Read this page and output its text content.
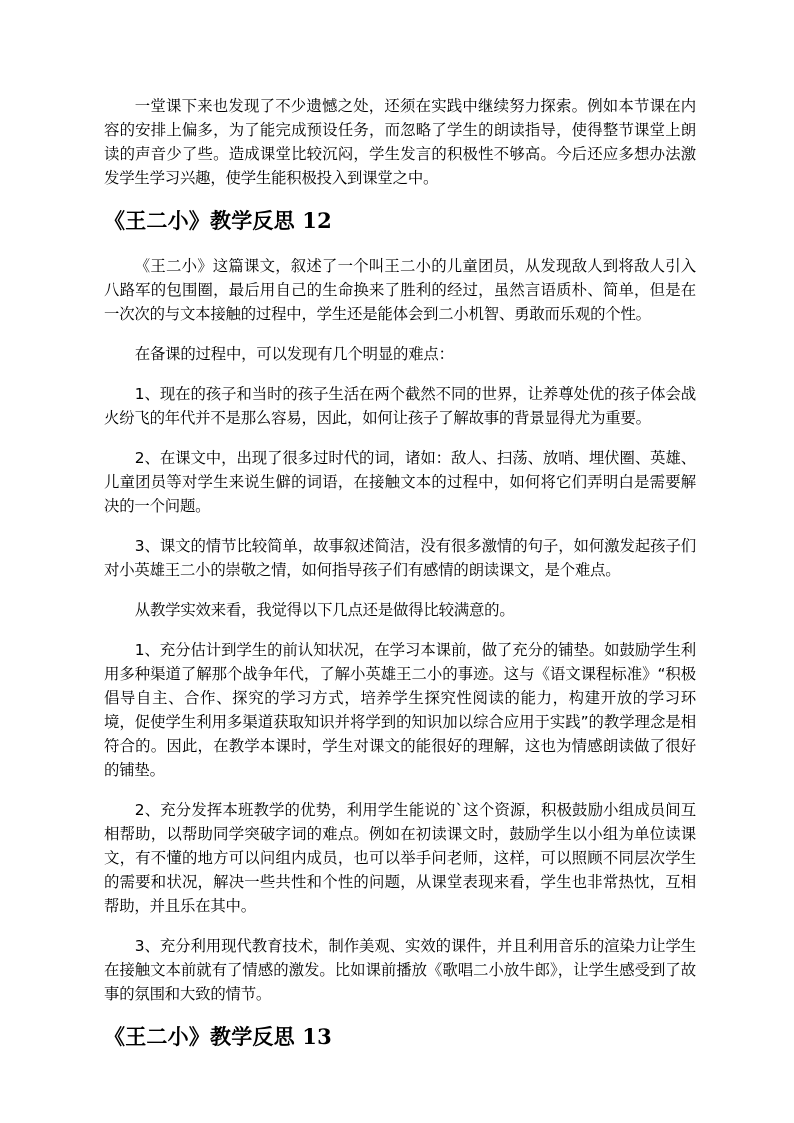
一堂课下来也发现了不少遗憾之处，还须在实践中继续努力探索。例如本节课在内容的安排上偏多，为了能完成预设任务，而忽略了学生的朗读指导，使得整节课堂上朗读的声音少了些。造成课堂比较沉闷，学生发言的积极性不够高。今后还应多想办法激发学生学习兴趣，使学生能积极投入到课堂之中。

《王二小》教学反思 12

《王二小》这篇课文，叙述了一个叫王二小的儿童团员，从发现敌人到将敌人引入八路军的包围圈，最后用自己的生命换来了胜利的经过，虽然言语质朴、简单，但是在一次次的与文本接触的过程中，学生还是能体会到二小机智、勇敢而乐观的个性。

在备课的过程中，可以发现有几个明显的难点：

1、现在的孩子和当时的孩子生活在两个截然不同的世界，让养尊处优的孩子体会战火纷飞的年代并不是那么容易，因此，如何让孩子了解故事的背景显得尤为重要。

2、在课文中，出现了很多过时代的词，诸如：敌人、扫荡、放哨、埋伏圈、英雄、儿童团员等对学生来说生僻的词语，在接触文本的过程中，如何将它们弄明白是需要解决的一个问题。

3、课文的情节比较简单，故事叙述简洁，没有很多激情的句子，如何激发起孩子们对小英雄王二小的崇敬之情，如何指导孩子们有感情的朗读课文，是个难点。

从教学实效来看，我觉得以下几点还是做得比较满意的。

1、充分估计到学生的前认知状况，在学习本课前，做了充分的铺垫。如鼓励学生利用多种渠道了解那个战争年代，了解小英雄王二小的事迹。这与《语文课程标准》“积极倡导自主、合作、探究的学习方式，培养学生探究性阅读的能力，构建开放的学习环境，促使学生利用多渠道获取知识并将学到的知识加以综合应用于实践”的教学理念是相符合的。因此，在教学本课时，学生对课文的能很好的理解，这也为情感朗读做了很好的铺垫。

2、充分发挥本班教学的优势，利用学生能说的`这个资源，积极鼓励小组成员间互相帮助，以帮助同学突破字词的难点。例如在初读课文时，鼓励学生以小组为单位读课文，有不懂的地方可以问组内成员，也可以举手问老师，这样，可以照顾不同层次学生的需要和状况，解决一些共性和个性的问题，从课堂表现来看，学生也非常热忱，互相帮助，并且乐在其中。

3、充分利用现代教育技术，制作美观、实效的课件，并且利用音乐的渲染力让学生在接触文本前就有了情感的激发。比如课前播放《歌唱二小放牛郎》，让学生感受到了故事的氛围和大致的情节。

《王二小》教学反思 13
